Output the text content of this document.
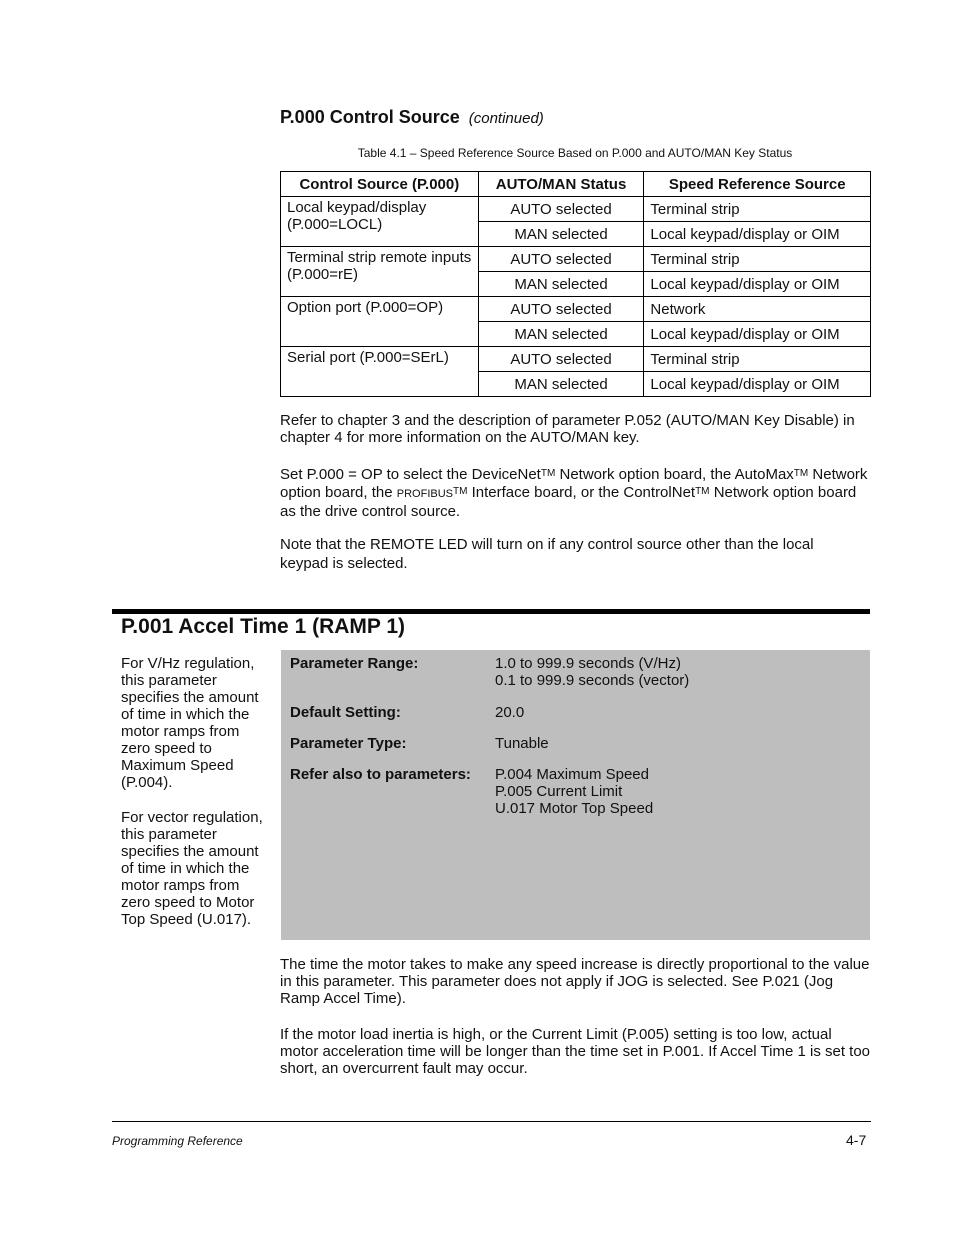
P.000 Control Source (continued)
Table 4.1 – Speed Reference Source Based on P.000 and AUTO/MAN Key Status
Control Source (P.000)	AUTO/MAN Status	Speed Reference Source
Local keypad/display (P.000=LOCL)	AUTO selected	Terminal strip
	MAN selected	Local keypad/display or OIM
Terminal strip remote inputs (P.000=rE)	AUTO selected	Terminal strip
	MAN selected	Local keypad/display or OIM
Option port (P.000=OP)	AUTO selected	Network
	MAN selected	Local keypad/display or OIM
Serial port (P.000=SErL)	AUTO selected	Terminal strip
	MAN selected	Local keypad/display or OIM
Refer to chapter 3 and the description of parameter P.052 (AUTO/MAN Key Disable) in chapter 4 for more information on the AUTO/MAN key.
Set P.000 = OP to select the DeviceNet™ Network option board, the AutoMax™ Network option board, the PROFIBUS™ Interface board, or the ControlNet™ Network option board as the drive control source.
Note that the REMOTE LED will turn on if any control source other than the local keypad is selected.
P.001 Accel Time 1 (RAMP 1)

For V/Hz regulation, this parameter specifies the amount of time in which the motor ramps from zero speed to Maximum Speed (P.004).

For vector regulation, this parameter specifies the amount of time in which the motor ramps from zero speed to Motor Top Speed (U.017).

Parameter Range:	1.0 to 999.9 seconds (V/Hz)
0.1 to 999.9 seconds (vector)
Default Setting:	20.0
Parameter Type:	Tunable
Refer also to parameters:	P.004 Maximum Speed
P.005 Current Limit
U.017 Motor Top Speed
The time the motor takes to make any speed increase is directly proportional to the value in this parameter. This parameter does not apply if JOG is selected. See P.021 (Jog Ramp Accel Time).
If the motor load inertia is high, or the Current Limit (P.005) setting is too low, actual motor acceleration time will be longer than the time set in P.001. If Accel Time 1 is set too short, an overcurrent fault may occur.
Programming Reference	4-7
